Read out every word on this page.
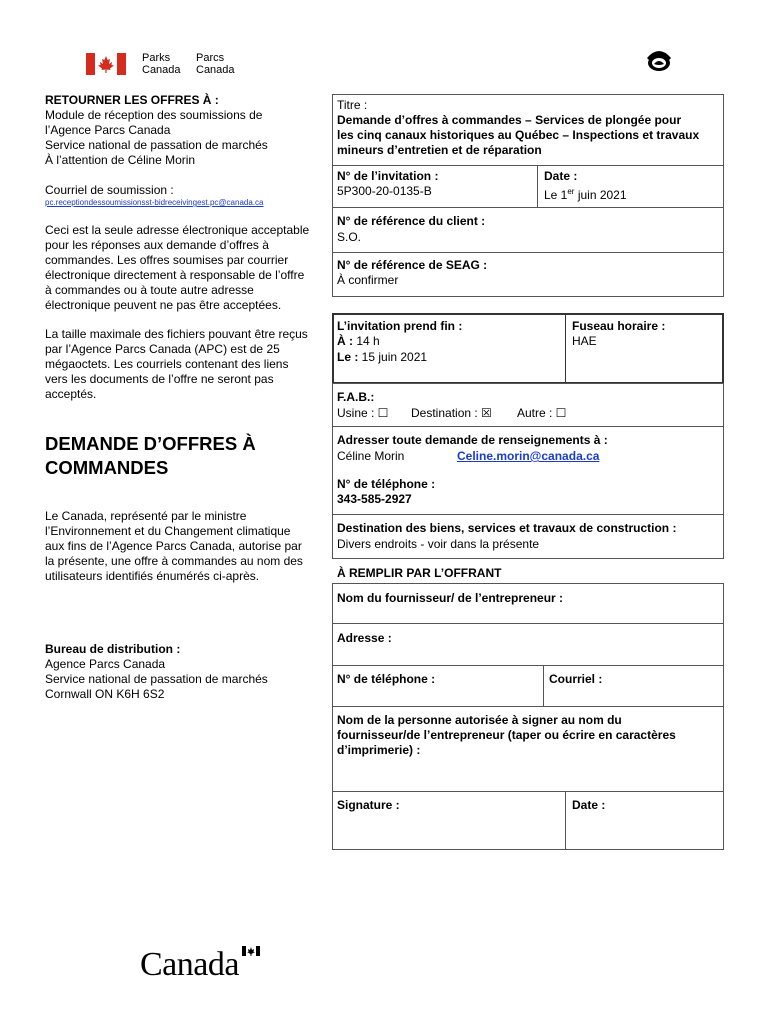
Parks
Canada
Parcs
Canada
RETOURNER LES OFFRES À :
Module de réception des soumissions de
l’Agence Parcs Canada
Service national de passation de marchés
À l’attention de Céline Morin
Courriel de soumission :
pc.receptiondessoumissionsst-bidreceivingest.pc@canada.ca
Ceci est la seule adresse électronique acceptable
pour les réponses aux demande d’offres à
commandes. Les offres soumises par courrier
électronique directement à responsable de l’offre
à commandes ou à toute autre adresse
électronique peuvent ne pas être acceptées.
La taille maximale des fichiers pouvant être reçus
par l’Agence Parcs Canada (APC) est de 25
mégaoctets. Les courriels contenant des liens
vers les documents de l’offre ne seront pas
acceptés.
DEMANDE D’OFFRES À
COMMANDES
Le Canada, représenté par le ministre
l’Environnement et du Changement climatique
aux fins de l’Agence Parcs Canada, autorise par
la présente, une offre à commandes au nom des
utilisateurs identifiés énumérés ci-après.
Bureau de distribution :
Agence Parcs Canada
Service national de passation de marchés
Cornwall ON K6H 6S2
Titre :
Demande d’offres à commandes – Services de plongée pour
les cinq canaux historiques au Québec – Inspections et travaux
mineurs d’entretien et de réparation
N° de l’invitation :
5P300-20-0135-B
Date :
Le 1er juin 2021
N° de référence du client :
S.O.
N° de référence de SEAG :
À confirmer
L’invitation prend fin :
À : 14 h
Le : 15 juin 2021
Fuseau horaire :
HAE
F.A.B.:
Usine : ☐ Destination : ☒ Autre : ☐
Adresser toute demande de renseignements à :
Céline Morin	Celine.morin@canada.ca
N° de téléphone :
343-585-2927
Destination des biens, services et travaux de construction :
Divers endroits - voir dans la présente
À REMPLIR PAR L’OFFRANT
Nom du fournisseur/ de l’entrepreneur :
Adresse :
N° de téléphone :	Courriel :
Nom de la personne autorisée à signer au nom du
fournisseur/de l’entrepreneur (taper ou écrire en caractères
d’imprimerie) :
Signature :	Date :
Canada
